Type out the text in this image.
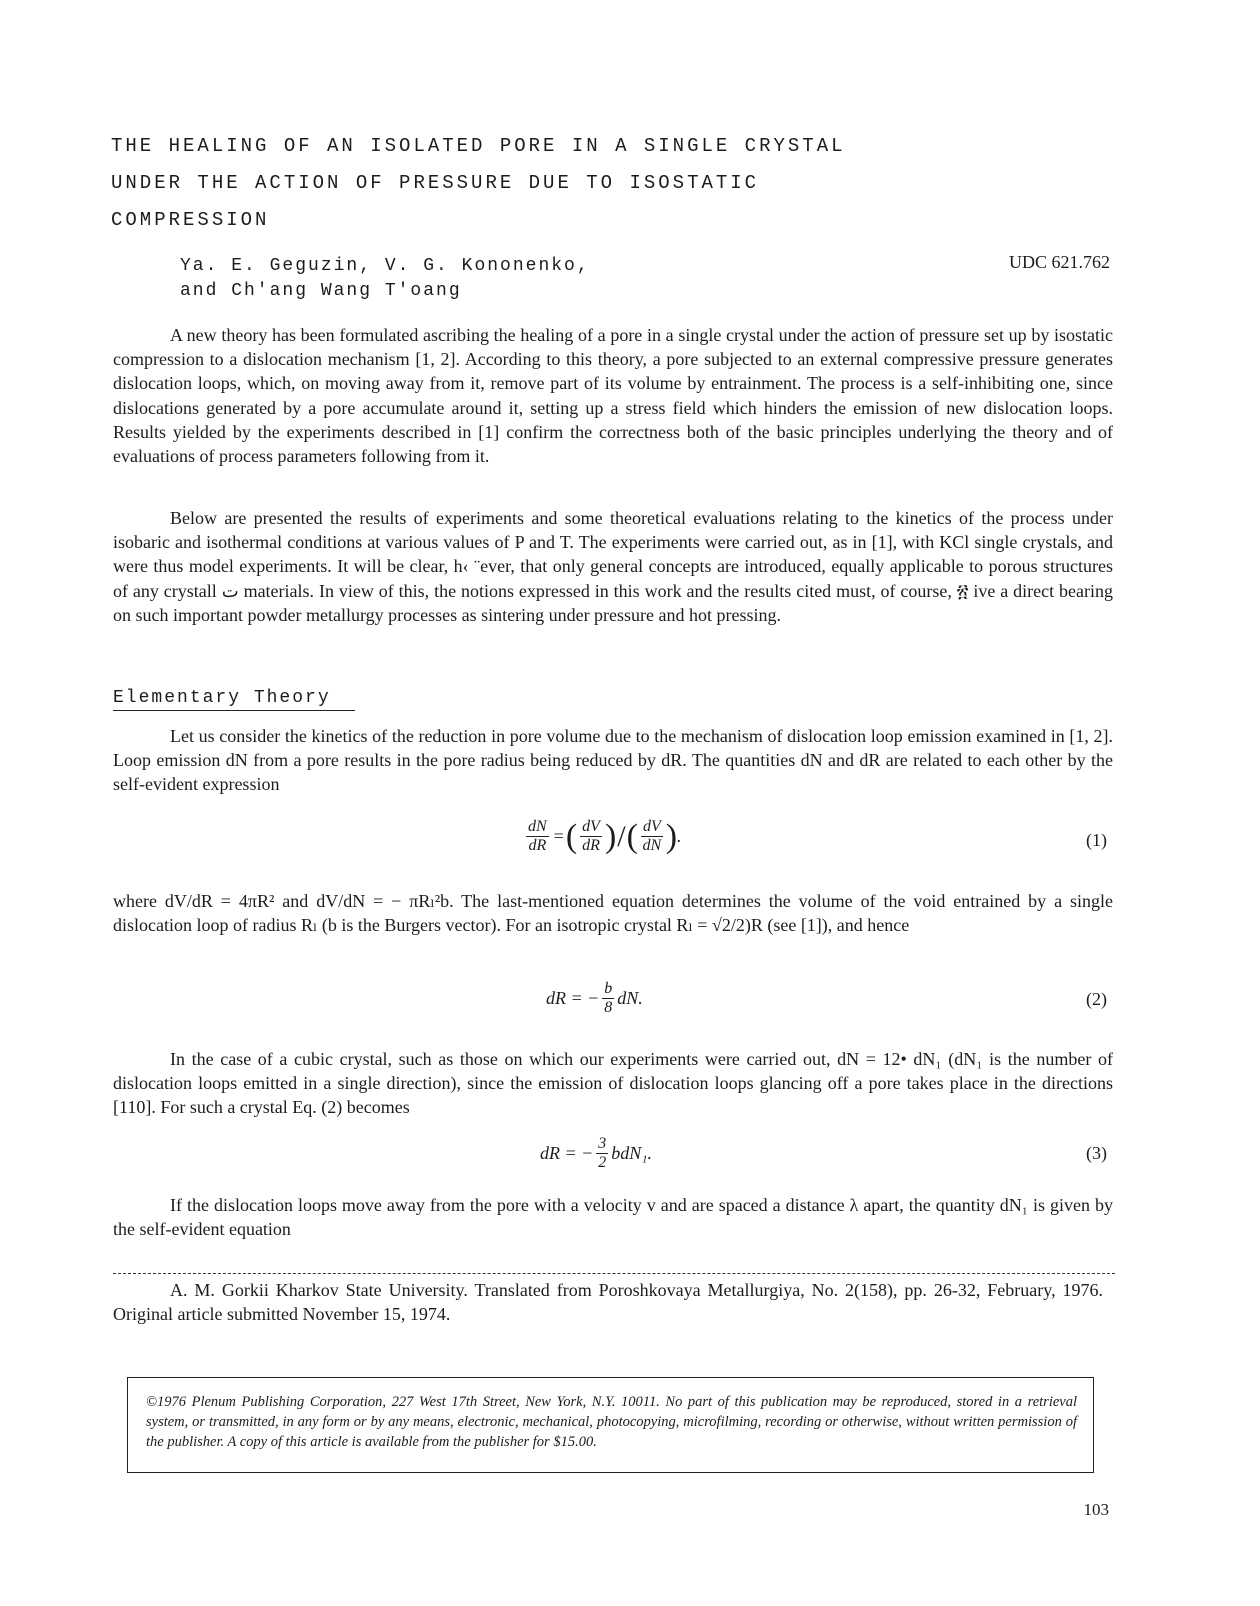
THE HEALING OF AN ISOLATED PORE IN A SINGLE CRYSTAL UNDER THE ACTION OF PRESSURE DUE TO ISOSTATIC COMPRESSION
Ya. E. Geguzin, V. G. Kononenko,
and Ch'ang Wang T'oang
UDC 621.762

A new theory has been formulated ascribing the healing of a pore in a single crystal under the action of pressure set up by isostatic compression to a dislocation mechanism [1, 2]. According to this theory, a pore subjected to an external compressive pressure generates dislocation loops, which, on moving away from it, remove part of its volume by entrainment. The process is a self-inhibiting one, since dislocations generated by a pore accumulate around it, setting up a stress field which hinders the emission of new dislocation loops. Results yielded by the experiments described in [1] confirm the correctness both of the basic principles underlying the theory and of evaluations of process parameters following from it.

Below are presented the results of experiments and some theoretical evaluations relating to the kinetics of the process under isobaric and isothermal conditions at various values of P and T. The experiments were carried out, as in [1], with KCl single crystals, and were thus model experiments. It will be clear, h‹ ¨ever, that only general concepts are introduced, equally applicable to porous structures of any crystall ﺕ materials. In view of this, the notions expressed in this work and the results cited must, of course, ፳ ive a direct bearing on such important powder metallurgy processes as sintering under pressure and hot pressing.

Elementary Theory

Let us consider the kinetics of the reduction in pore volume due to the mechanism of dislocation loop emission examined in [1, 2]. Loop emission dN from a pore results in the pore radius being reduced by dR. The quantities dN and dR are related to each other by the self-evident expression

$\frac{dN}{dR}$ = ( $\frac{dV}{dR}$ ) / ( $\frac{dV}{dN}$ ) .	(1)

where dV/dR = 4πR² and dV/dN = − πRₗ²b. The last-mentioned equation determines the volume of the void entrained by a single dislocation loop of radius Rₗ (b is the Burgers vector). For an isotropic crystal Rₗ = √2/2)R (see [1]), and hence

dR = − $\frac{b}{8}$ dN.	(2)

In the case of a cubic crystal, such as those on which our experiments were carried out, dN = 12• dN₁ (dN₁ is the number of dislocation loops emitted in a single direction), since the emission of dislocation loops glancing off a pore takes place in the directions [110]. For such a crystal Eq. (2) becomes

dR = − $\frac{3}{2} bdN_1$.	(3)

If the dislocation loops move away from the pore with a velocity v and are spaced a distance λ apart, the quantity dN₁ is given by the self-evident equation

A. M. Gorkii Kharkov State University. Translated from Poroshkovaya Metallurgiya, No. 2(158), pp. 26-32, February, 1976. Original article submitted November 15, 1974.
©1976 Plenum Publishing Corporation, 227 West 17th Street, New York, N.Y. 10011. No part of this publication may be reproduced, stored in a retrieval system, or transmitted, in any form or by any means, electronic, mechanical, photocopying, microfilming, recording or otherwise, without written permission of the publisher. A copy of this article is available from the publisher for $15.00.
103
